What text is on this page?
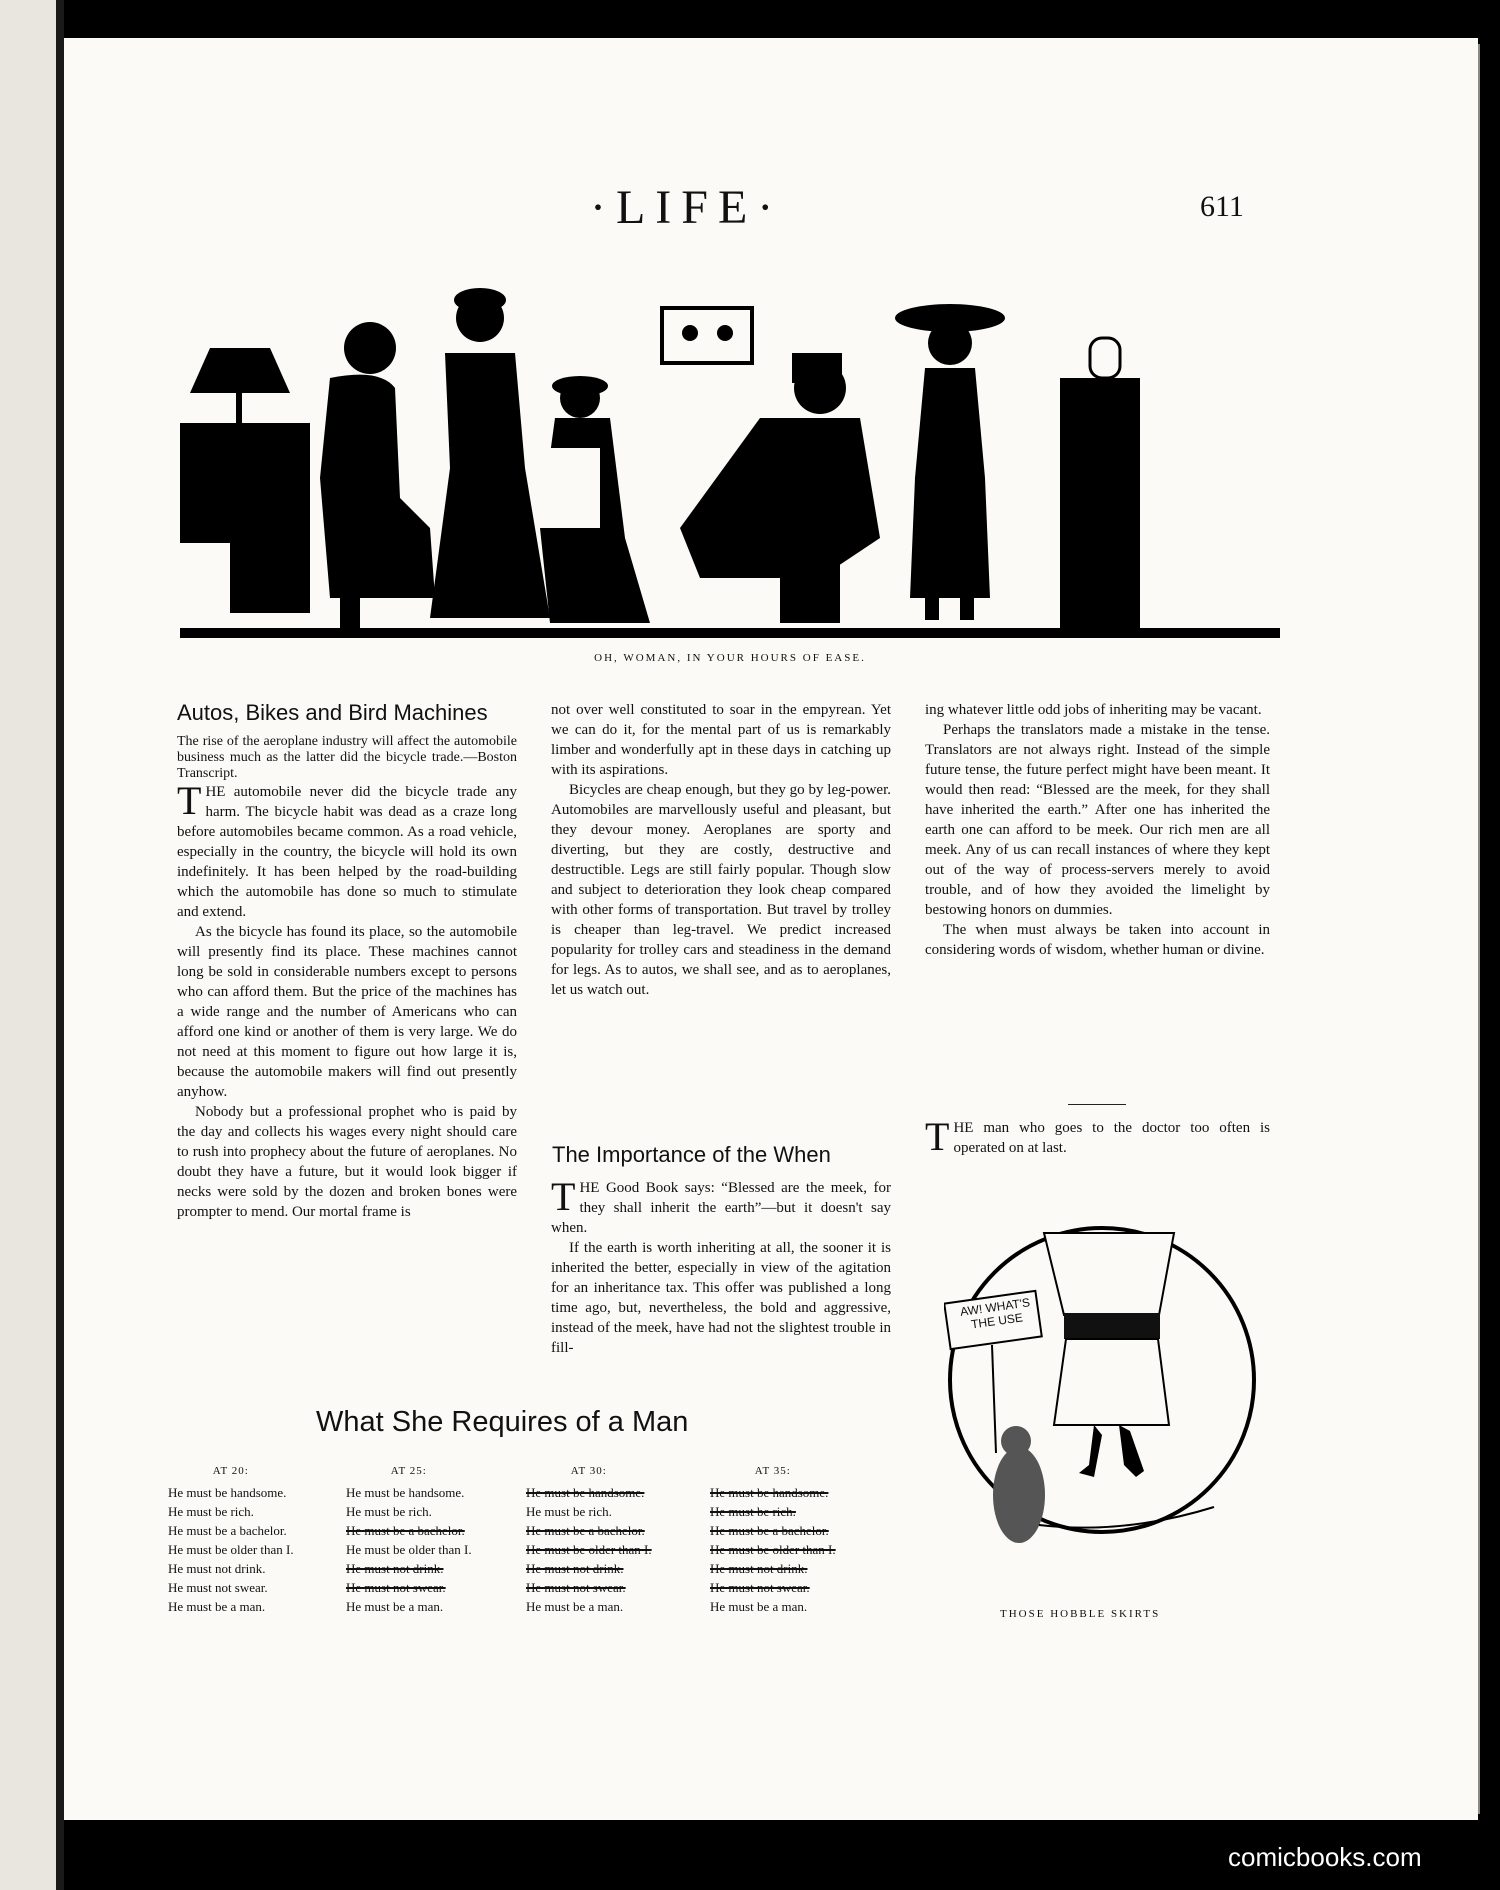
·LIFE·	611
OH, WOMAN, IN YOUR HOURS OF EASE.
Autos, Bikes and Bird Machines

The rise of the aeroplane industry will affect the automobile business much as the latter did the bicycle trade.—Boston Transcript.

THE automobile never did the bicycle trade any harm. The bicycle habit was dead as a craze long before automobiles became common. As a road vehicle, especially in the country, the bicycle will hold its own indefinitely. It has been helped by the road-building which the automobile has done so much to stimulate and extend.

As the bicycle has found its place, so the automobile will presently find its place. These machines cannot long be sold in considerable numbers except to persons who can afford them. But the price of the machines has a wide range and the number of Americans who can afford one kind or another of them is very large. We do not need at this moment to figure out how large it is, because the automobile makers will find out presently anyhow.

Nobody but a professional prophet who is paid by the day and collects his wages every night should care to rush into prophecy about the future of aeroplanes. No doubt they have a future, but it would look bigger if necks were sold by the dozen and broken bones were prompter to mend. Our mortal frame is

not over well constituted to soar in the empyrean. Yet we can do it, for the mental part of us is remarkably limber and wonderfully apt in these days in catching up with its aspirations.

Bicycles are cheap enough, but they go by leg-power. Automobiles are marvellously useful and pleasant, but they devour money. Aeroplanes are sporty and diverting, but they are costly, destructive and destructible. Legs are still fairly popular. Though slow and subject to deterioration they look cheap compared with other forms of transportation. But travel by trolley is cheaper than leg-travel. We predict increased popularity for trolley cars and steadiness in the demand for legs. As to autos, we shall see, and as to aeroplanes, let us watch out.

The Importance of the When

THE Good Book says: “Blessed are the meek, for they shall inherit the earth”—but it doesn't say when.

If the earth is worth inheriting at all, the sooner it is inherited the better, especially in view of the agitation for an inheritance tax. This offer was published a long time ago, but, nevertheless, the bold and aggressive, instead of the meek, have had not the slightest trouble in fill-

ing whatever little odd jobs of inheriting may be vacant.

Perhaps the translators made a mistake in the tense. Translators are not always right. Instead of the simple future tense, the future perfect might have been meant. It would then read: “Blessed are the meek, for they shall have inherited the earth.” After one has inherited the earth one can afford to be meek. Our rich men are all meek. Any of us can recall instances of where they kept out of the way of process-servers merely to avoid trouble, and of how they avoided the limelight by bestowing honors on dummies.

The when must always be taken into account in considering words of wisdom, whether human or divine.

THE man who goes to the doctor too often is operated on at last.

AW! WHAT'S THE USE
THOSE HOBBLE SKIRTS
What She Requires of a Man
AT 20:
He must be handsome.
He must be rich.
He must be a bachelor.
He must be older than I.
He must not drink.
He must not swear.
He must be a man.
AT 25:
He must be handsome.
He must be rich.
He must be a bachelor.
He must be older than I.
He must not drink.
He must not swear.
He must be a man.
AT 30:
He must be handsome.
He must be rich.
He must be a bachelor.
He must be older than I.
He must not drink.
He must not swear.
He must be a man.
AT 35:
He must be handsome.
He must be rich.
He must be a bachelor.
He must be older than I.
He must not drink.
He must not swear.
He must be a man.
comicbooks.com
